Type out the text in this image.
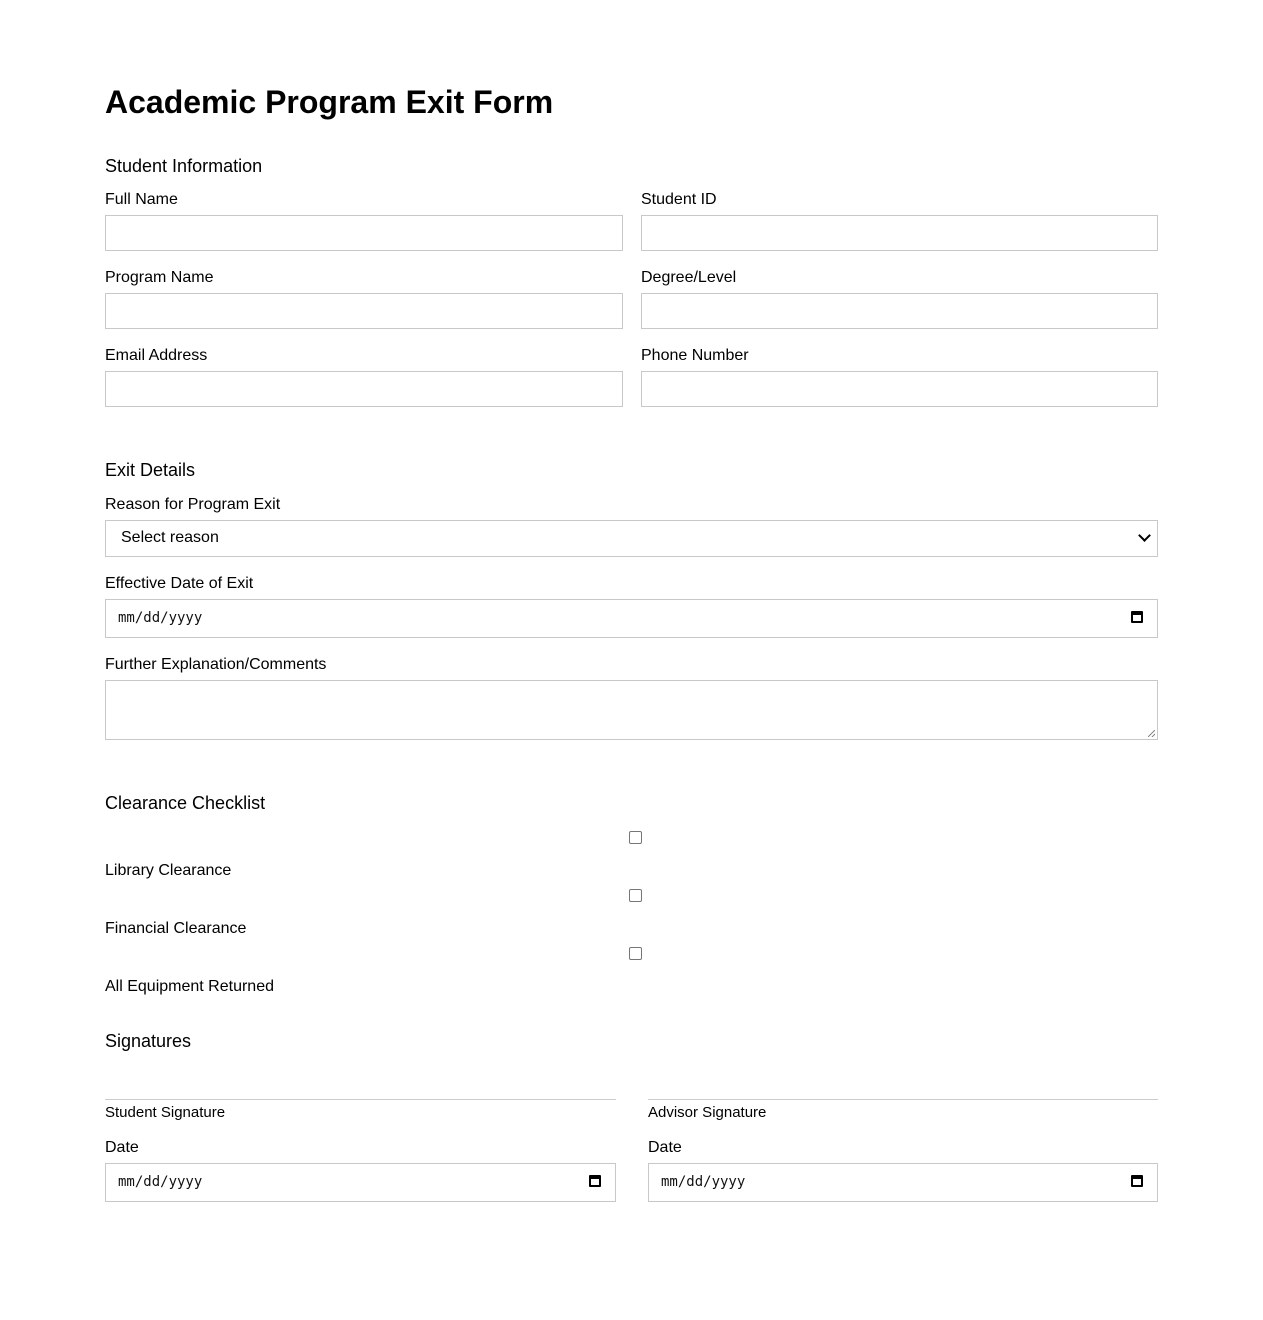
Academic Program Exit Form
Student Information
Full Name	Student ID
Program Name	Degree/Level
Email Address	Phone Number
Exit Details
Reason for Program Exit
Select reason
Effective Date of Exit
mm/dd/yyyy
Further Explanation/Comments
Clearance Checklist
Library Clearance
Financial Clearance
All Equipment Returned
Signatures
Student Signature
Date
mm/dd/yyyy
Advisor Signature
Date
mm/dd/yyyy
